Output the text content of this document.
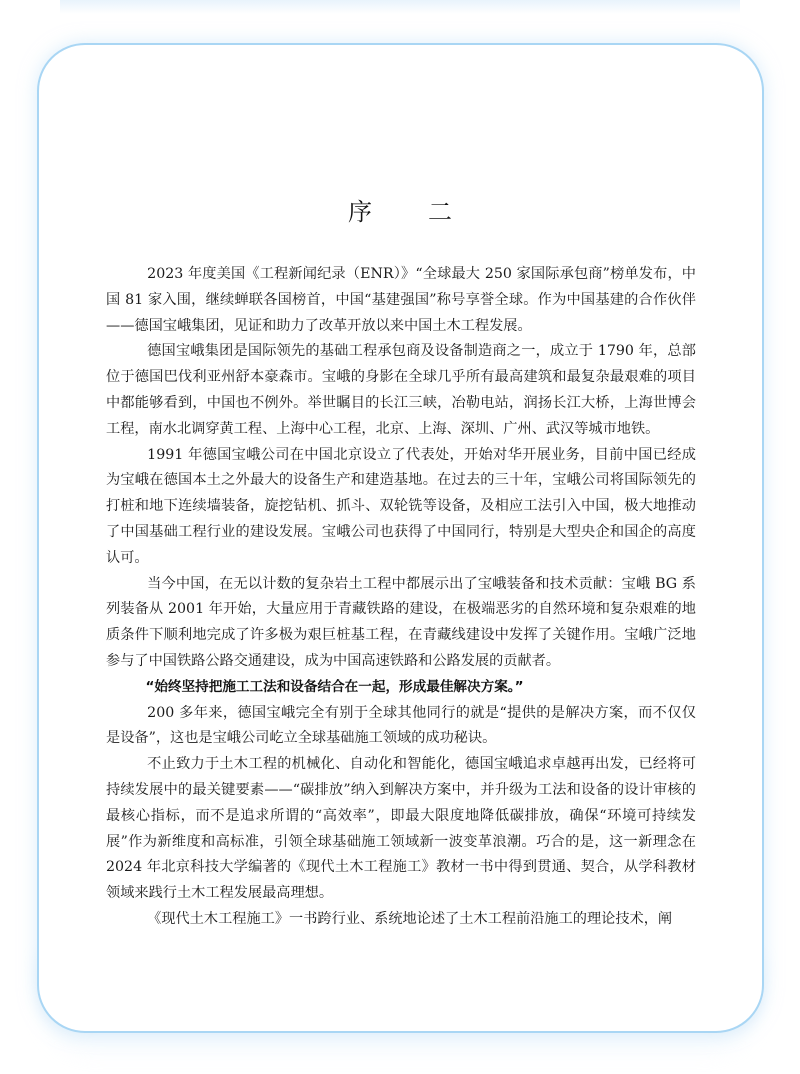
序 二

2023 年度美国《工程新闻纪录（ENR）》“全球最大 250 家国际承包商”榜单发布，中国 81 家入围，继续蝉联各国榜首，中国“基建强国”称号享誉全球。作为中国基建的合作伙伴——德国宝峨集团，见证和助力了改革开放以来中国土木工程发展。

德国宝峨集团是国际领先的基础工程承包商及设备制造商之一，成立于 1790 年，总部位于德国巴伐利亚州舒本豪森市。宝峨的身影在全球几乎所有最高建筑和最复杂最艰难的项目中都能够看到，中国也不例外。举世瞩目的长江三峡，冶勒电站，润扬长江大桥，上海世博会工程，南水北调穿黄工程、上海中心工程，北京、上海、深圳、广州、武汉等城市地铁。

1991 年德国宝峨公司在中国北京设立了代表处，开始对华开展业务，目前中国已经成为宝峨在德国本土之外最大的设备生产和建造基地。在过去的三十年，宝峨公司将国际领先的打桩和地下连续墙装备，旋挖钻机、抓斗、双轮铣等设备，及相应工法引入中国，极大地推动了中国基础工程行业的建设发展。宝峨公司也获得了中国同行，特别是大型央企和国企的高度认可。

当今中国，在无以计数的复杂岩土工程中都展示出了宝峨装备和技术贡献：宝峨 BG 系列装备从 2001 年开始，大量应用于青藏铁路的建设，在极端恶劣的自然环境和复杂艰难的地质条件下顺利地完成了许多极为艰巨桩基工程，在青藏线建设中发挥了关键作用。宝峨广泛地参与了中国铁路公路交通建设，成为中国高速铁路和公路发展的贡献者。

“始终坚持把施工工法和设备结合在一起，形成最佳解决方案。”

200 多年来，德国宝峨完全有别于全球其他同行的就是“提供的是解决方案，而不仅仅是设备”，这也是宝峨公司屹立全球基础施工领域的成功秘诀。

不止致力于土木工程的机械化、自动化和智能化，德国宝峨追求卓越再出发，已经将可持续发展中的最关键要素——“碳排放”纳入到解决方案中，并升级为工法和设备的设计审核的最核心指标，而不是追求所谓的“高效率”，即最大限度地降低碳排放，确保“环境可持续发展”作为新维度和高标准，引领全球基础施工领域新一波变革浪潮。巧合的是，这一新理念在 2024 年北京科技大学编著的《现代土木工程施工》教材一书中得到贯通、契合，从学科教材领域来践行土木工程发展最高理想。

《现代土木工程施工》一书跨行业、系统地论述了土木工程前沿施工的理论技术，阐
